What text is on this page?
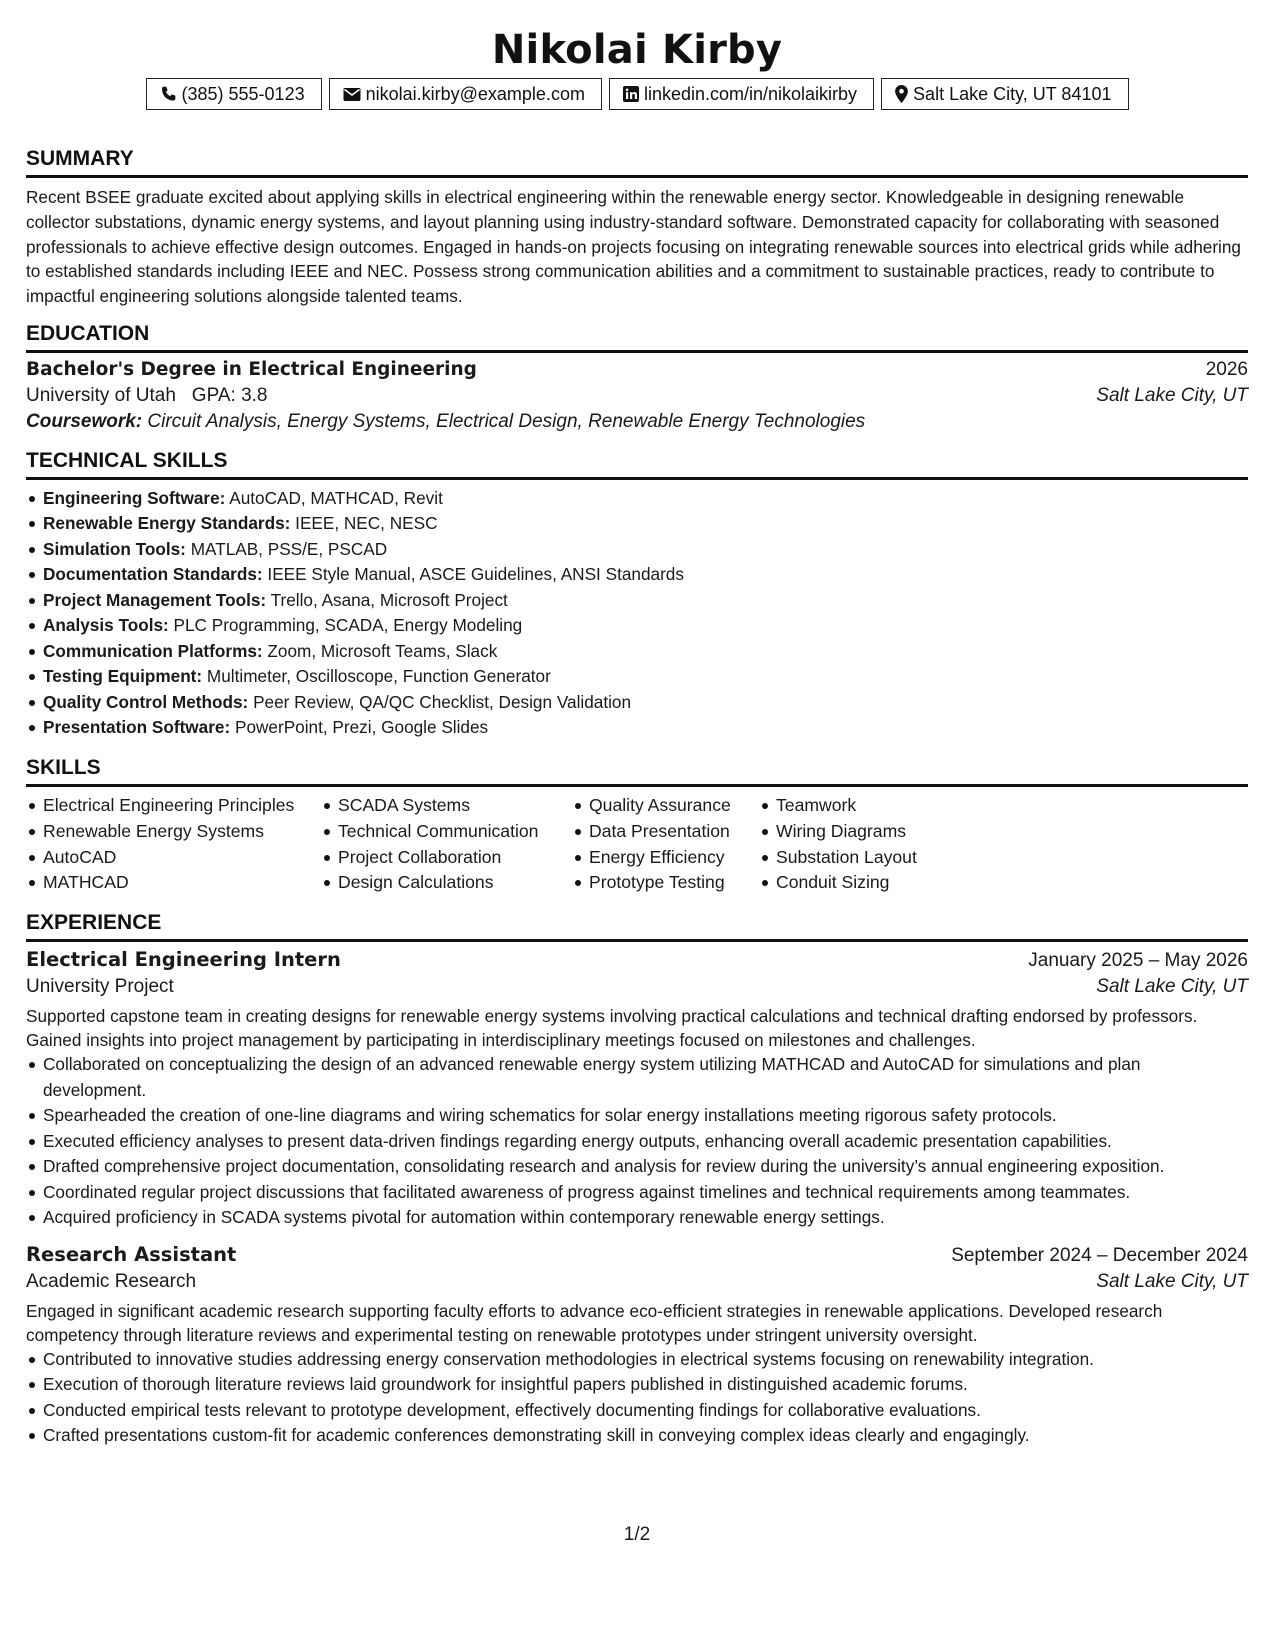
Nikolai Kirby
(385) 555-0123	nikolai.kirby@example.com	linkedin.com/in/nikolaikirby	Salt Lake City, UT 84101
SUMMARY
Recent BSEE graduate excited about applying skills in electrical engineering within the renewable energy sector. Knowledgeable in designing renewable collector substations, dynamic energy systems, and layout planning using industry-standard software. Demonstrated capacity for collaborating with seasoned professionals to achieve effective design outcomes. Engaged in hands-on projects focusing on integrating renewable sources into electrical grids while adhering to established standards including IEEE and NEC. Possess strong communication abilities and a commitment to sustainable practices, ready to contribute to impactful engineering solutions alongside talented teams.
EDUCATION
Bachelor's Degree in Electrical Engineering	2026
University of Utah GPA: 3.8	Salt Lake City, UT
Coursework: Circuit Analysis, Energy Systems, Electrical Design, Renewable Energy Technologies
TECHNICAL SKILLS
Engineering Software: AutoCAD, MATHCAD, Revit
Renewable Energy Standards: IEEE, NEC, NESC
Simulation Tools: MATLAB, PSS/E, PSCAD
Documentation Standards: IEEE Style Manual, ASCE Guidelines, ANSI Standards
Project Management Tools: Trello, Asana, Microsoft Project
Analysis Tools: PLC Programming, SCADA, Energy Modeling
Communication Platforms: Zoom, Microsoft Teams, Slack
Testing Equipment: Multimeter, Oscilloscope, Function Generator
Quality Control Methods: Peer Review, QA/QC Checklist, Design Validation
Presentation Software: PowerPoint, Prezi, Google Slides
SKILLS
Electrical Engineering Principles
Renewable Energy Systems
AutoCAD
MATHCAD
SCADA Systems
Technical Communication
Project Collaboration
Design Calculations
Quality Assurance
Data Presentation
Energy Efficiency
Prototype Testing
Teamwork
Wiring Diagrams
Substation Layout
Conduit Sizing
EXPERIENCE
Electrical Engineering Intern	January 2025 – May 2026
University Project	Salt Lake City, UT
Supported capstone team in creating designs for renewable energy systems involving practical calculations and technical drafting endorsed by professors. Gained insights into project management by participating in interdisciplinary meetings focused on milestones and challenges.
Collaborated on conceptualizing the design of an advanced renewable energy system utilizing MATHCAD and AutoCAD for simulations and plan development.
Spearheaded the creation of one-line diagrams and wiring schematics for solar energy installations meeting rigorous safety protocols.
Executed efficiency analyses to present data-driven findings regarding energy outputs, enhancing overall academic presentation capabilities.
Drafted comprehensive project documentation, consolidating research and analysis for review during the university’s annual engineering exposition.
Coordinated regular project discussions that facilitated awareness of progress against timelines and technical requirements among teammates.
Acquired proficiency in SCADA systems pivotal for automation within contemporary renewable energy settings.
Research Assistant	September 2024 – December 2024
Academic Research	Salt Lake City, UT
Engaged in significant academic research supporting faculty efforts to advance eco-efficient strategies in renewable applications. Developed research competency through literature reviews and experimental testing on renewable prototypes under stringent university oversight.
Contributed to innovative studies addressing energy conservation methodologies in electrical systems focusing on renewability integration.
Execution of thorough literature reviews laid groundwork for insightful papers published in distinguished academic forums.
Conducted empirical tests relevant to prototype development, effectively documenting findings for collaborative evaluations.
Crafted presentations custom-fit for academic conferences demonstrating skill in conveying complex ideas clearly and engagingly.
1/2
